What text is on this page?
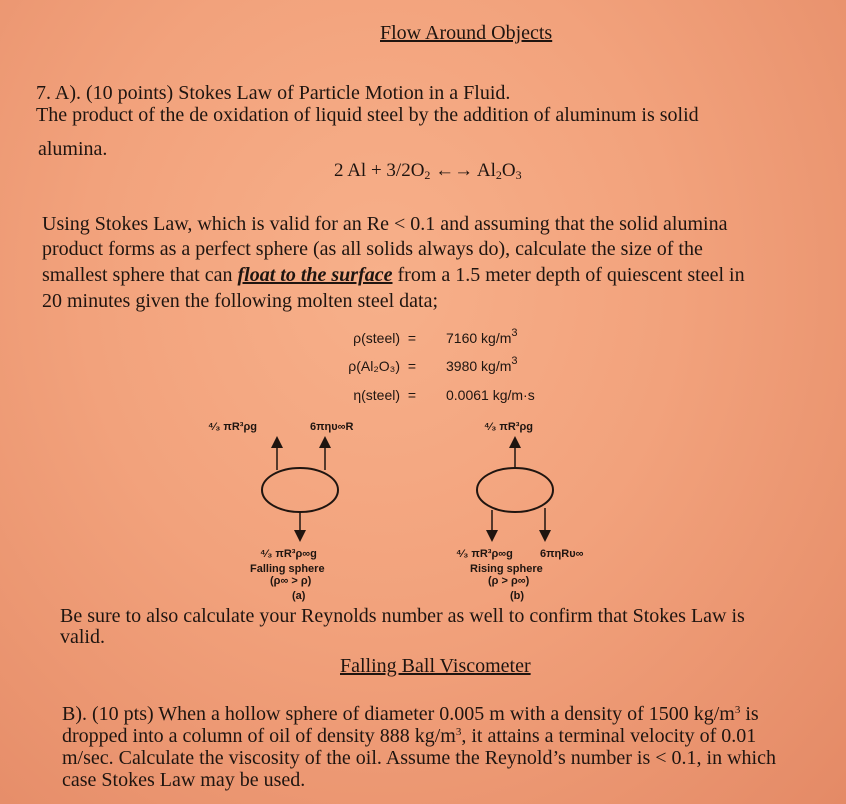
Flow Around Objects
7. A). (10 points) Stokes Law of Particle Motion in a Fluid.
The product of the de oxidation of liquid steel by the addition of aluminum is solid
alumina.
2 $Al + 3/2O_2$ ←→ $Al_2O_3$
Using Stokes Law, which is valid for an Re < 0.1 and assuming that the solid alumina
product forms as a perfect sphere (as all solids always do), calculate the size of the
smallest sphere that can float to the surface from a 1.5 meter depth of quiescent steel in
20 minutes given the following molten steel data;
ρ(steel) = 7160 $kg/m^3$
ρ(Al₂O₃) = 3980 $kg/m^3$
η(steel) = 0.0061 kg/m·s
⁴⁄₃ πR³ρg	6πηυ∞R
⁴⁄₃ πR³ρ∞g
Falling sphere
(ρ∞ > ρ)
(a)
⁴⁄₃ πR³ρg
⁴⁄₃ πR³ρ∞g 6πηRυ∞
Rising sphere
(ρ > ρ∞)
(b)
Be sure to also calculate your Reynolds number as well to confirm that Stokes Law is
valid.
Falling Ball Viscometer
B). (10 pts) When a hollow sphere of diameter 0.005 m with a density of 1500 $kg/m^3$ is
dropped into a column of oil of density 888 $kg/m^3$, it attains a terminal velocity of 0.01
m/sec. Calculate the viscosity of the oil. Assume the Reynold’s number is < 0.1, in which
case Stokes Law may be used.
